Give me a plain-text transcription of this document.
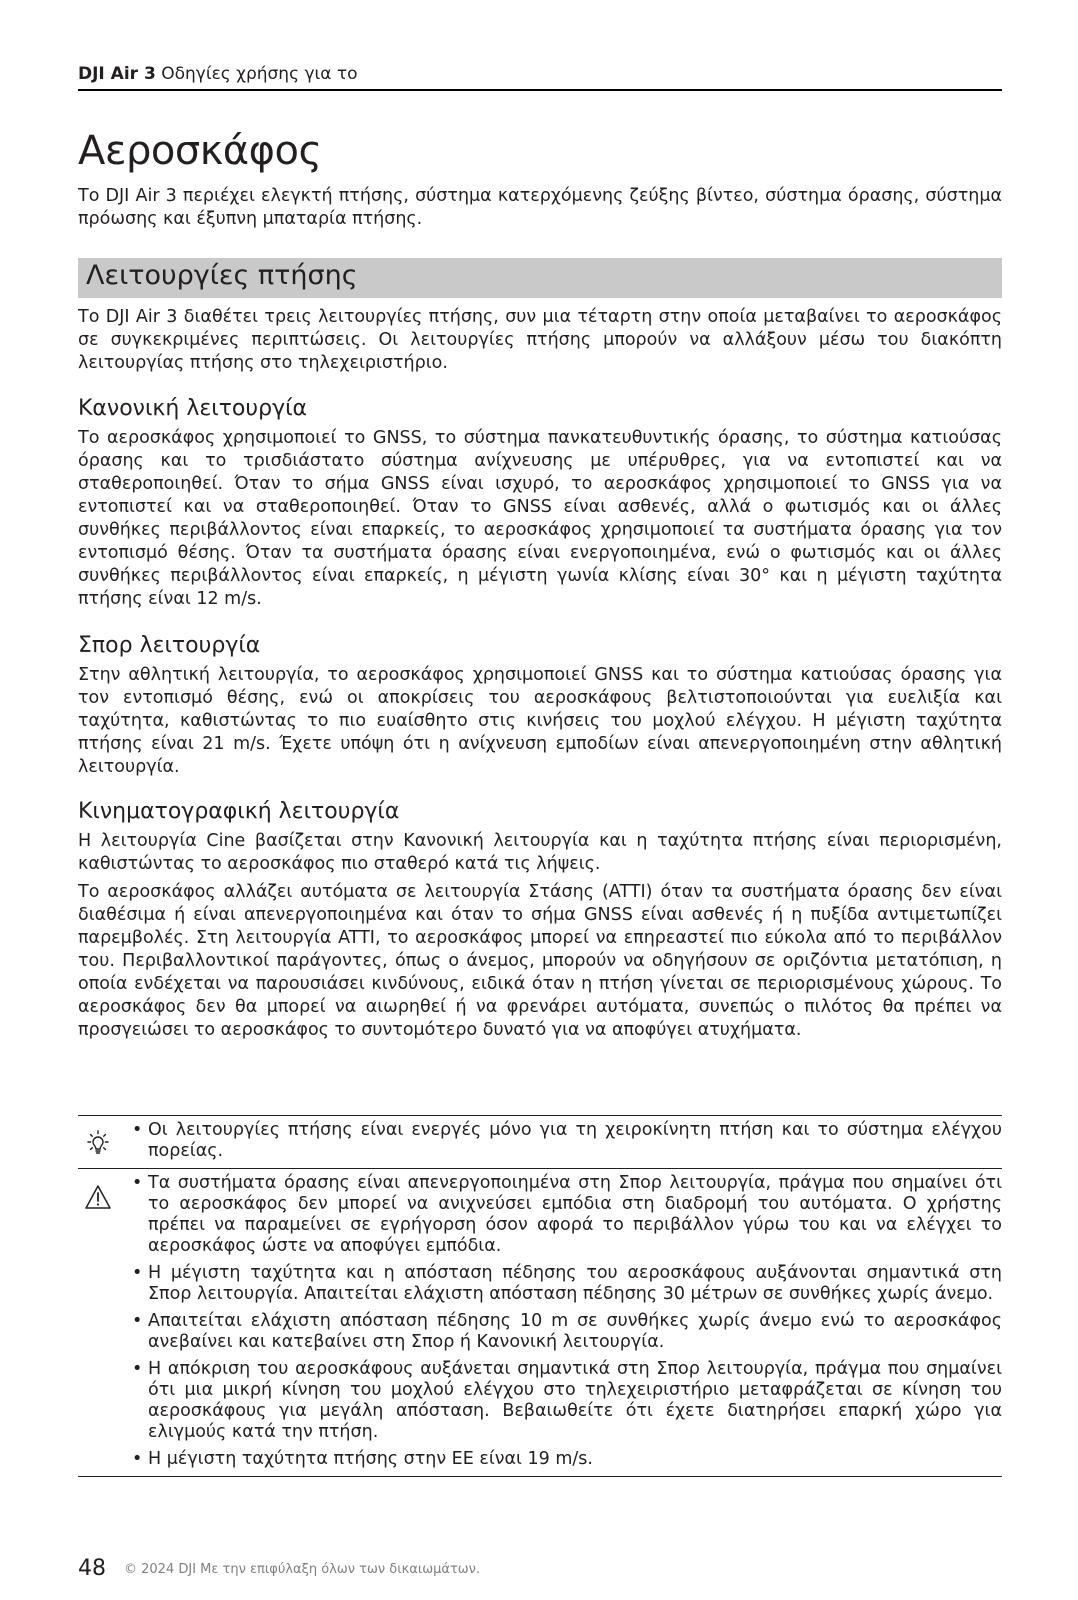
DJI Air 3 Οδηγίες χρήσης για το
Αεροσκάφος

Το DJI Air 3 περιέχει ελεγκτή πτήσης, σύστημα κατερχόμενης ζεύξης βίντεο, σύστημα όρασης, σύστημα πρόωσης και έξυπνη μπαταρία πτήσης.

Λειτουργίες πτήσης

Το DJI Air 3 διαθέτει τρεις λειτουργίες πτήσης, συν μια τέταρτη στην οποία μεταβαίνει το αεροσκάφος σε συγκεκριμένες περιπτώσεις. Οι λειτουργίες πτήσης μπορούν να αλλάξουν μέσω του διακόπτη λειτουργίας πτήσης στο τηλεχειριστήριο.

Κανονική λειτουργία

Το αεροσκάφος χρησιμοποιεί το GNSS, το σύστημα πανκατευθυντικής όρασης, το σύστημα κατιούσας όρασης και το τρισδιάστατο σύστημα ανίχνευσης με υπέρυθρες, για να εντοπιστεί και να σταθεροποιηθεί. Όταν το σήμα GNSS είναι ισχυρό, το αεροσκάφος χρησιμοποιεί το GNSS για να εντοπιστεί και να σταθεροποιηθεί. Όταν το GNSS είναι ασθενές, αλλά ο φωτισμός και οι άλλες συνθήκες περιβάλλοντος είναι επαρκείς, το αεροσκάφος χρησιμοποιεί τα συστήματα όρασης για τον εντοπισμό θέσης. Όταν τα συστήματα όρασης είναι ενεργοποιημένα, ενώ ο φωτισμός και οι άλλες συνθήκες περιβάλλοντος είναι επαρκείς, η μέγιστη γωνία κλίσης είναι 30° και η μέγιστη ταχύτητα πτήσης είναι 12 m/s.

Σπορ λειτουργία

Στην αθλητική λειτουργία, το αεροσκάφος χρησιμοποιεί GNSS και το σύστημα κατιούσας όρασης για τον εντοπισμό θέσης, ενώ οι αποκρίσεις του αεροσκάφους βελτιστοποιούνται για ευελιξία και ταχύτητα, καθιστώντας το πιο ευαίσθητο στις κινήσεις του μοχλού ελέγχου. Η μέγιστη ταχύτητα πτήσης είναι 21 m/s. Έχετε υπόψη ότι η ανίχνευση εμποδίων είναι απενεργοποιημένη στην αθλητική λειτουργία.

Κινηματογραφική λειτουργία

Η λειτουργία Cine βασίζεται στην Κανονική λειτουργία και η ταχύτητα πτήσης είναι περιορισμένη, καθιστώντας το αεροσκάφος πιο σταθερό κατά τις λήψεις.

Το αεροσκάφος αλλάζει αυτόματα σε λειτουργία Στάσης (ATTI) όταν τα συστήματα όρασης δεν είναι διαθέσιμα ή είναι απενεργοποιημένα και όταν το σήμα GNSS είναι ασθενές ή η πυξίδα αντιμετωπίζει παρεμβολές. Στη λειτουργία ATTI, το αεροσκάφος μπορεί να επηρεαστεί πιο εύκολα από το περιβάλλον του. Περιβαλλοντικοί παράγοντες, όπως ο άνεμος, μπορούν να οδηγήσουν σε οριζόντια μετατόπιση, η οποία ενδέχεται να παρουσιάσει κινδύνους, ειδικά όταν η πτήση γίνεται σε περιορισμένους χώρους. Το αεροσκάφος δεν θα μπορεί να αιωρηθεί ή να φρενάρει αυτόματα, συνεπώς ο πιλότος θα πρέπει να προσγειώσει το αεροσκάφος το συντομότερο δυνατό για να αποφύγει ατυχήματα.

• Οι λειτουργίες πτήσης είναι ενεργές μόνο για τη χειροκίνητη πτήση και το σύστημα ελέγχου πορείας.
• Τα συστήματα όρασης είναι απενεργοποιημένα στη Σπορ λειτουργία, πράγμα που σημαίνει ότι το αεροσκάφος δεν μπορεί να ανιχνεύσει εμπόδια στη διαδρομή του αυτόματα. Ο χρήστης πρέπει να παραμείνει σε εγρήγορση όσον αφορά το περιβάλλον γύρω του και να ελέγχει το αεροσκάφος ώστε να αποφύγει εμπόδια.
• Η μέγιστη ταχύτητα και η απόσταση πέδησης του αεροσκάφους αυξάνονται σημαντικά στη Σπορ λειτουργία. Απαιτείται ελάχιστη απόσταση πέδησης 30 μέτρων σε συνθήκες χωρίς άνεμο.
• Απαιτείται ελάχιστη απόσταση πέδησης 10 m σε συνθήκες χωρίς άνεμο ενώ το αεροσκάφος ανεβαίνει και κατεβαίνει στη Σπορ ή Κανονική λειτουργία.
• Η απόκριση του αεροσκάφους αυξάνεται σημαντικά στη Σπορ λειτουργία, πράγμα που σημαίνει ότι μια μικρή κίνηση του μοχλού ελέγχου στο τηλεχειριστήριο μεταφράζεται σε κίνηση του αεροσκάφους για μεγάλη απόσταση. Βεβαιωθείτε ότι έχετε διατηρήσει επαρκή χώρο για ελιγμούς κατά την πτήση.
• Η μέγιστη ταχύτητα πτήσης στην ΕΕ είναι 19 m/s.
48 © 2024 DJI Με την επιφύλαξη όλων των δικαιωμάτων.
